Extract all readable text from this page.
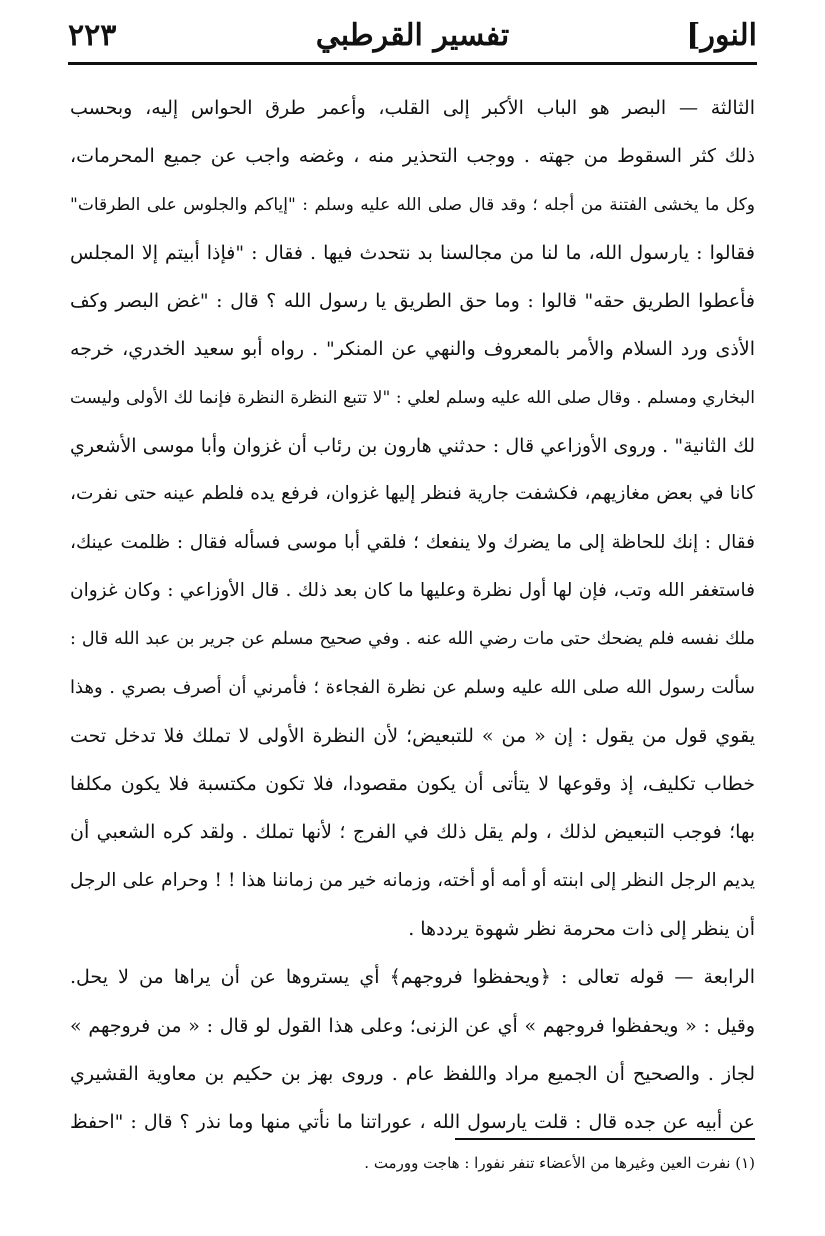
النور]
تفسير القرطبي
٢٢٣
الثالثة — البصر هو الباب الأكبر إلى القلب، وأعمر طرق الحواس إليه، وبحسب
ذلك كثر السقوط من جهته . ووجب التحذير منه ، وغضه واجب عن جميع المحرمات،
وكل ما يخشى الفتنة من أجله ؛ وقد قال صلى الله عليه وسلم : "إياكم والجلوس على الطرقات"
فقالوا : يارسول الله، ما لنا من مجالسنا بد نتحدث فيها . فقال : "فإذا أبيتم إلا المجلس
فأعطوا الطريق حقه" قالوا : وما حق الطريق يا رسول الله ؟ قال : "غض البصر وكف
الأذى ورد السلام والأمر بالمعروف والنهي عن المنكر" . رواه أبو سعيد الخدري، خرجه
البخاري ومسلم . وقال صلى الله عليه وسلم لعلي : "لا تتبع النظرة النظرة فإنما لك الأولى وليست
لك الثانية" . وروى الأوزاعي قال : حدثني هارون بن رئاب أن غزوان وأبا موسى الأشعري
كانا في بعض مغازيهم، فكشفت جارية فنظر إليها غزوان، فرفع يده فلطم عينه حتى نفرت،
فقال : إنك للحاظة إلى ما يضرك ولا ينفعك ؛ فلقي أبا موسى فسأله فقال : ظلمت عينك،
فاستغفر الله وتب، فإن لها أول نظرة وعليها ما كان بعد ذلك . قال الأوزاعي : وكان غزوان
ملك نفسه فلم يضحك حتى مات رضي الله عنه . وفي صحيح مسلم عن جرير بن عبد الله قال :
سألت رسول الله صلى الله عليه وسلم عن نظرة الفجاءة ؛ فأمرني أن أصرف بصري . وهذا
يقوي قول من يقول : إن « من » للتبعيض؛ لأن النظرة الأولى لا تملك فلا تدخل تحت
خطاب تكليف، إذ وقوعها لا يتأتى أن يكون مقصودا، فلا تكون مكتسبة فلا يكون مكلفا
بها؛ فوجب التبعيض لذلك ، ولم يقل ذلك في الفرج ؛ لأنها تملك . ولقد كره الشعبي أن
يديم الرجل النظر إلى ابنته أو أمه أو أخته، وزمانه خير من زماننا هذا ! ! وحرام على الرجل
أن ينظر إلى ذات محرمة نظر شهوة يرددها .
الرابعة — قوله تعالى : ﴿ويحفظوا فروجهم﴾ أي يستروها عن أن يراها من لا يحل.
وقيل : « ويحفظوا فروجهم » أي عن الزنى؛ وعلى هذا القول لو قال : « من فروجهم »
لجاز . والصحيح أن الجميع مراد واللفظ عام . وروى بهز بن حكيم بن معاوية القشيري
عن أبيه عن جده قال : قلت يارسول الله ، عوراتنا ما نأتي منها وما نذر ؟ قال : "احفظ
(١) نفرت العين وغيرها من الأعضاء تنفر نفورا : هاجت وورمت .
